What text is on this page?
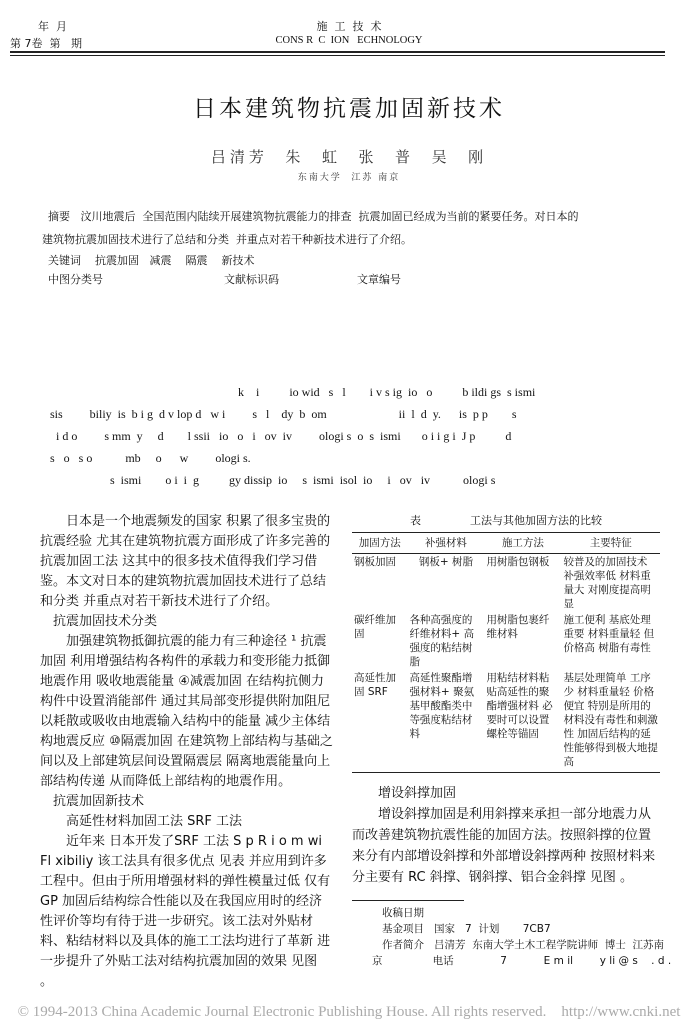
年  月
第 7卷  第   期
施  工  技  术
CONS R  C  ION   ECHNOLOGY
日本建筑物抗震加固新技术
吕清芳  朱  虹  张  普  吴  刚
东南大学  江苏 南京
摘要   汶川地震后  全国范围内陆续开展建筑物抗震能力的排查  抗震加固已经成为当前的紧要任务。对日本的
建筑物抗震加固技术进行了总结和分类  并重点对若干种新技术进行了介绍。
关键词    抗震加固   减震    隔震    新技术
中图分类号	文献标识码	文章编号
k    i          io wid   s   l        i v s ig  io   o          b ildi gs  s ismi
sis         biliy  is  b i g  d v lop d   w i         s   l    dy  b  om                        ii  l  d  y.      is  p p        s
i d o         s mm  y     d        l ssii   io   o   i   ov  iv         ologi s  o  s  ismi       o i i g i  J p          d
s   o   s o           mb     o      w         ologi s.
s  ismi        o i  i  g          gy dissip  io     s  ismi  isol  io     i   ov   iv           ologi s

日本是一个地震频发的国家 积累了很多宝贵的抗震经验 尤其在建筑物抗震方面形成了许多完善的抗震加固工法 这其中的很多技术值得我们学习借鉴。本文对日本的建筑物抗震加固技术进行了总结和分类 并重点对若干新技术进行了介绍。

抗震加固技术分类

加强建筑物抵御抗震的能力有三种途径 ¹ 抗震加固 利用增强结构各构件的承载力和变形能力抵御地震作用 吸收地震能量 ④减震加固 在结构抗侧力构件中设置消能部件 通过其局部变形提供附加阻尼以耗散或吸收由地震输入结构中的能量 减少主体结构地震反应 ⑩隔震加固 在建筑物上部结构与基础之间以及上部建筑层间设置隔震层 隔离地震能量向上部结构传递 从而降低上部结构的地震作用。

抗震加固新技术

高延性材料加固工法 SRF 工法

近年来 日本开发了SRF 工法 S p R i o m wi Fl xibiliy 该工法具有很多优点 见表 并应用到许多工程中。但由于所用增强材料的弹性模量过低 仅有 GP 加固后结构综合性能以及在我国应用时的经济性评价等均有待于进一步研究。该工法对外贴材料、粘结材料以及具体的施工工法均进行了革新 进一步提升了外贴工法对结构抗震加固的效果 见图 。

表              工法与其他加固方法的比较
加固方法	补强材料	施工方法	主要特征
钢板加固	钢板+ 树脂	用树脂包钢板	较普及的加固技术 补强效率低 材料重量大 对刚度提高明显
碳纤维加固	各种高强度的纤维材料+ 高强度的粘结树脂	用树脂包裹纤维材料	施工便利 基底处理重要 材料重量轻 但价格高 树脂有毒性
高延性加固 SRF	高延性聚酯增强材料+ 聚氨基甲酸酯类中等强度粘结材料	用粘结材料粘贴高延性的聚酯增强材料 必要时可以设置螺栓等锚固	基层处理简单 工序少 材料重量轻 价格便宜 特别是所用的材料没有毒性和刺激性 加固后结构的延性能够得到极大地提高

增设斜撑加固

增设斜撑加固是利用斜撑来承担一部分地震力从而改善建筑物抗震性能的加固方法。按照斜撑的位置来分有内部增设斜撑和外部增设斜撑两种 按照材料来分主要有 RC 斜撑、钢斜撑、铝合金斜撑 见图 。

收稿日期
基金项目   国家   7  计划       7CB7
作者简介   吕清芳  东南大学土木工程学院讲师  博士  江苏南
京               电话              7           E m il        y li @ s    . d .
© 1994-2013 China Academic Journal Electronic Publishing House. All rights reserved.    http://www.cnki.net
